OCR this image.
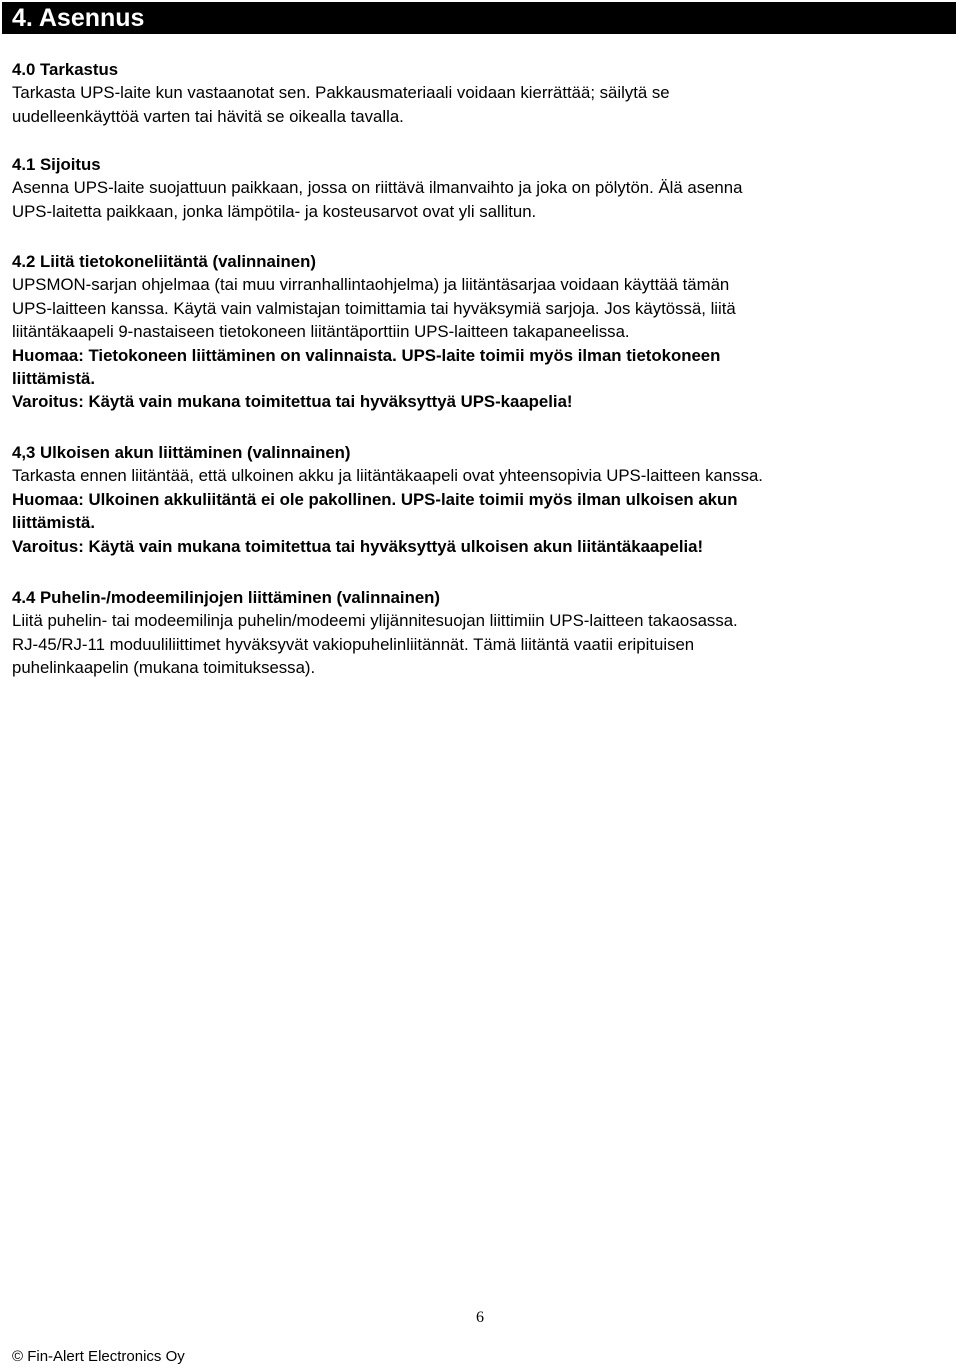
4. Asennus

4.0 Tarkastus

Tarkasta UPS-laite kun vastaanotat sen. Pakkausmateriaali voidaan kierrättää; säilytä se

uudelleenkäyttöä varten tai hävitä se oikealla tavalla.

4.1 Sijoitus

Asenna UPS-laite suojattuun paikkaan, jossa on riittävä ilmanvaihto ja joka on pölytön. Älä asenna

UPS-laitetta paikkaan, jonka lämpötila- ja kosteusarvot ovat yli sallitun.

4.2 Liitä tietokoneliitäntä (valinnainen)

UPSMON-sarjan ohjelmaa (tai muu virranhallintaohjelma) ja liitäntäsarjaa voidaan käyttää tämän

UPS-laitteen kanssa. Käytä vain valmistajan toimittamia tai hyväksymiä sarjoja. Jos käytössä, liitä

liitäntäkaapeli 9-nastaiseen tietokoneen liitäntäporttiin UPS-laitteen takapaneelissa.

Huomaa: Tietokoneen liittäminen on valinnaista. UPS-laite toimii myös ilman tietokoneen

liittämistä.

Varoitus: Käytä vain mukana toimitettua tai hyväksyttyä UPS-kaapelia!

4,3 Ulkoisen akun liittäminen (valinnainen)

Tarkasta ennen liitäntää, että ulkoinen akku ja liitäntäkaapeli ovat yhteensopivia UPS-laitteen kanssa.

Huomaa: Ulkoinen akkuliitäntä ei ole pakollinen. UPS-laite toimii myös ilman ulkoisen akun

liittämistä.

Varoitus: Käytä vain mukana toimitettua tai hyväksyttyä ulkoisen akun liitäntäkaapelia!

4.4 Puhelin-/modeemilinjojen liittäminen (valinnainen)

Liitä puhelin- tai modeemilinja puhelin/modeemi ylijännitesuojan liittimiin UPS-laitteen takaosassa.

RJ-45/RJ-11 moduuliliittimet hyväksyvät vakiopuhelinliitännät. Tämä liitäntä vaatii eripituisen

puhelinkaapelin (mukana toimituksessa).

6
© Fin-Alert Electronics Oy
